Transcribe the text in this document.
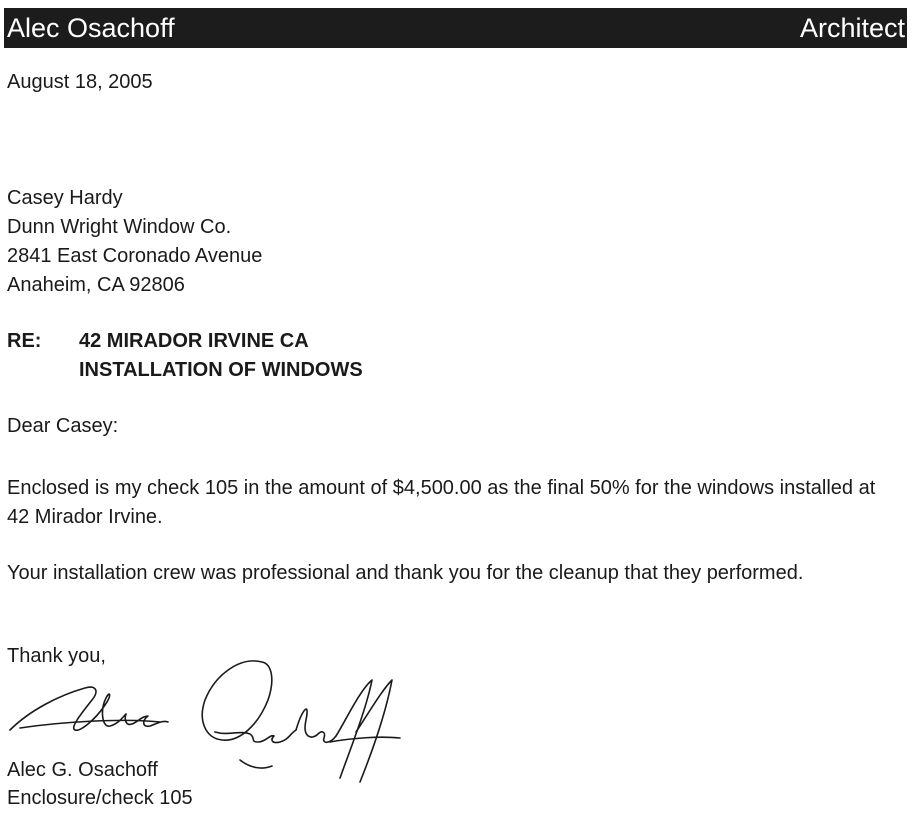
Alec Osachoff	Architect
August 18, 2005
Casey Hardy
Dunn Wright Window Co.
2841 East Coronado Avenue
Anaheim, CA 92806
RE:	42 MIRADOR IRVINE CA
INSTALLATION OF WINDOWS
Dear Casey:
Enclosed is my check 105 in the amount of $4,500.00 as the final 50% for the windows installed at 42 Mirador Irvine.
Your installation crew was professional and thank you for the cleanup that they performed.
Thank you,
Alec G. Osachoff
Enclosure/check 105
